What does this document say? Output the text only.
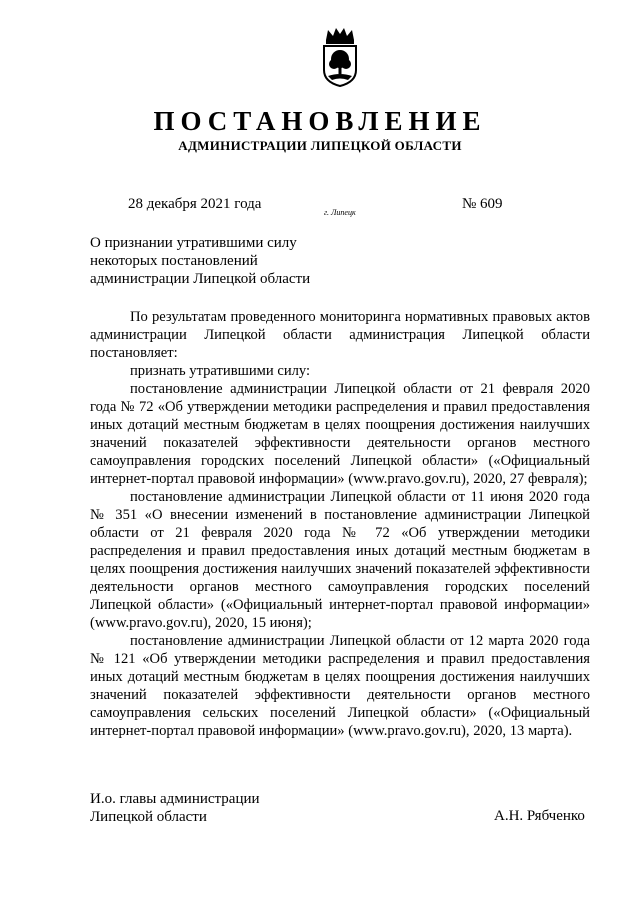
ПОСТАНОВЛЕНИЕ
АДМИНИСТРАЦИИ ЛИПЕЦКОЙ ОБЛАСТИ
28 декабря 2021 года
г. Липецк
№ 609
О признании утратившими силу
некоторых постановлений
администрации Липецкой области

По результатам проведенного мониторинга нормативных правовых актов администрации Липецкой области администрация Липецкой области постановляет:

признать утратившими силу:

постановление администрации Липецкой области от 21 февраля 2020 года № 72 «Об утверждении методики распределения и правил предоставления иных дотаций местным бюджетам в целях поощрения достижения наилучших значений показателей эффективности деятельности органов местного самоуправления городских поселений Липецкой области» («Официальный интернет-портал правовой информации» (www.pravo.gov.ru), 2020, 27 февраля);

постановление администрации Липецкой области от 11 июня 2020 года № 351 «О внесении изменений в постановление администрации Липецкой области от 21 февраля 2020 года № 72 «Об утверждении методики распределения и правил предоставления иных дотаций местным бюджетам в целях поощрения достижения наилучших значений показателей эффективности деятельности органов местного самоуправления городских поселений Липецкой области» («Официальный интернет-портал правовой информации» (www.pravo.gov.ru), 2020, 15 июня);

постановление администрации Липецкой области от 12 марта 2020 года № 121 «Об утверждении методики распределения и правил предоставления иных дотаций местным бюджетам в целях поощрения достижения наилучших значений показателей эффективности деятельности органов местного самоуправления сельских поселений Липецкой области» («Официальный интернет-портал правовой информации» (www.pravo.gov.ru), 2020, 13 марта).

И.о. главы администрации
Липецкой области	А.Н. Рябченко
